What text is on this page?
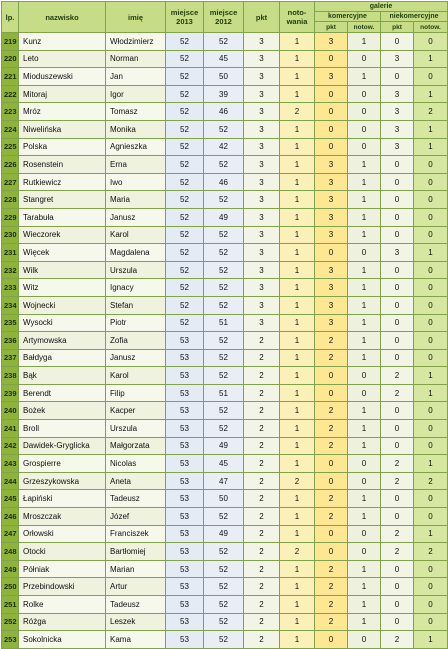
lp.	nazwisko	imię	miejsce 2013	miejsce 2012	pkt	noto-wania	galerie			
							komercyjne		niekomercyjne	
							pkt	notow.	pkt	notow.
219	Kunz	Włodzimierz	52	52	3	1	3	1	0	0
220	Leto	Norman	52	45	3	1	0	0	3	1
221	Mioduszewski	Jan	52	50	3	1	3	1	0	0
222	Mitoraj	Igor	52	39	3	1	0	0	3	1
223	Mróz	Tomasz	52	46	3	2	0	0	3	2
224	Niwelińska	Monika	52	52	3	1	0	0	3	1
225	Polska	Agnieszka	52	42	3	1	0	0	3	1
226	Rosenstein	Erna	52	52	3	1	3	1	0	0
227	Rutkiewicz	Iwo	52	46	3	1	3	1	0	0
228	Stangret	Maria	52	52	3	1	3	1	0	0
229	Tarabuła	Janusz	52	49	3	1	3	1	0	0
230	Wieczorek	Karol	52	52	3	1	3	1	0	0
231	Więcek	Magdalena	52	52	3	1	0	0	3	1
232	Wilk	Urszula	52	52	3	1	3	1	0	0
233	Witz	Ignacy	52	52	3	1	3	1	0	0
234	Wojnecki	Stefan	52	52	3	1	3	1	0	0
235	Wysocki	Piotr	52	51	3	1	3	1	0	0
236	Artymowska	Zofia	53	52	2	1	2	1	0	0
237	Bałdyga	Janusz	53	52	2	1	2	1	0	0
238	Bąk	Karol	53	52	2	1	0	0	2	1
239	Berendt	Filip	53	51	2	1	0	0	2	1
240	Bożek	Kacper	53	52	2	1	2	1	0	0
241	Broll	Urszula	53	52	2	1	2	1	0	0
242	Dawidek-Gryglicka	Małgorzata	53	49	2	1	2	1	0	0
243	Grospierre	Nicolas	53	45	2	1	0	0	2	1
244	Grzeszykowska	Aneta	53	47	2	2	0	0	2	2
245	Łapiński	Tadeusz	53	50	2	1	2	1	0	0
246	Mroszczak	Józef	53	52	2	1	2	1	0	0
247	Orłowski	Franciszek	53	49	2	1	0	0	2	1
248	Otocki	Bartłomiej	53	52	2	2	0	0	2	2
249	Półniak	Marian	53	52	2	1	2	1	0	0
250	Przebindowski	Artur	53	52	2	1	2	1	0	0
251	Rolke	Tadeusz	53	52	2	1	2	1	0	0
252	Różga	Leszek	53	52	2	1	2	1	0	0
253	Sokolnicka	Kama	53	52	2	1	0	0	2	1
